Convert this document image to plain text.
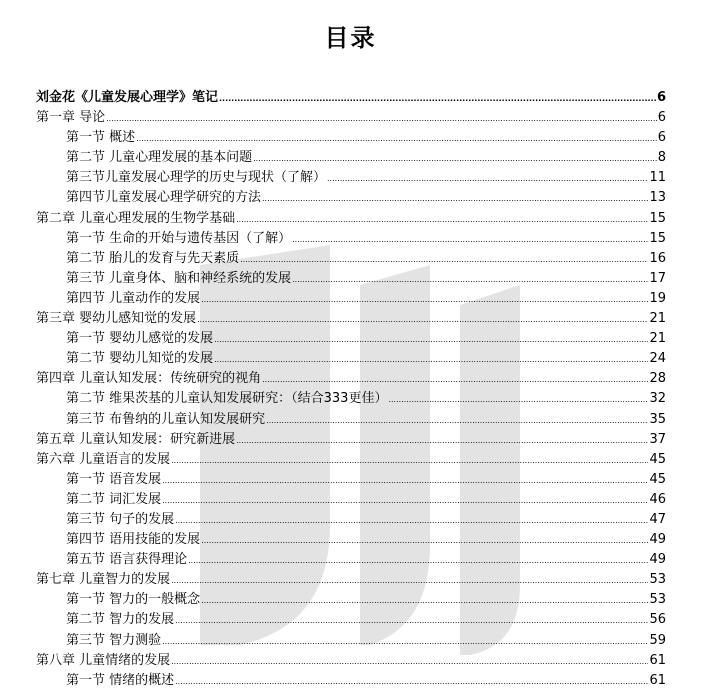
目录
刘金花《儿童发展心理学》笔记 .....	6
第一章 导论 .....	6
第一节 概述 .....	6
第二节 儿童心理发展的基本问题 .....	8
第三节儿童发展心理学的历史与现状（了解） .....	11
第四节儿童发展心理学研究的方法 .....	13
第二章 儿童心理发展的生物学基础 .....	15
第一节 生命的开始与遗传基因（了解） .....	15
第二节 胎儿的发育与先天素质 .....	16
第三节 儿童身体、脑和神经系统的发展 .....	17
第四节 儿童动作的发展 .....	19
第三章 婴幼儿感知觉的发展 .....	21
第一节 婴幼儿感觉的发展 .....	21
第二节 婴幼儿知觉的发展 .....	24
第四章 儿童认知发展：传统研究的视角 .....	28
第二节 维果茨基的儿童认知发展研究：（结合333更佳） .....	32
第三节 布鲁纳的儿童认知发展研究 .....	35
第五章 儿童认知发展：研究新进展 .....	37
第六章 儿童语言的发展 .....	45
第一节 语音发展 .....	45
第二节 词汇发展 .....	46
第三节 句子的发展 .....	47
第四节 语用技能的发展 .....	49
第五节 语言获得理论 .....	49
第七章 儿童智力的发展 .....	53
第一节 智力的一般概念 .....	53
第二节 智力的发展 .....	56
第三节 智力测验 .....	59
第八章 儿童情绪的发展 .....	61
第一节 情绪的概述 .....	61
